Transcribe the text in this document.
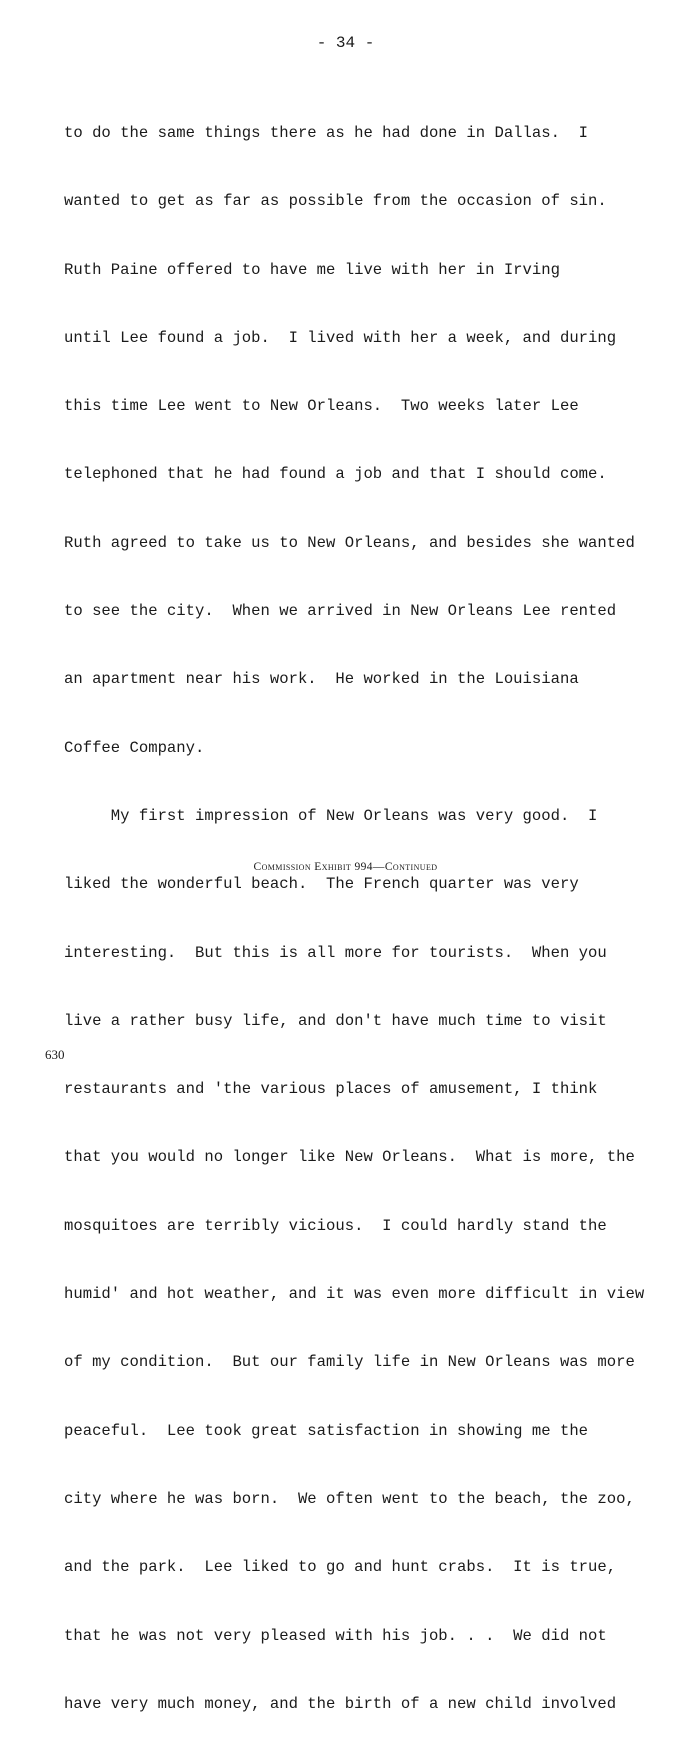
- 34 -

to do the same things there as he had done in Dallas.  I

wanted to get as far as possible from the occasion of sin.

Ruth Paine offered to have me live with her in Irving

until Lee found a job.  I lived with her a week, and during

this time Lee went to New Orleans.  Two weeks later Lee

telephoned that he had found a job and that I should come.

Ruth agreed to take us to New Orleans, and besides she wanted

to see the city.  When we arrived in New Orleans Lee rented

an apartment near his work.  He worked in the Louisiana

Coffee Company.

My first impression of New Orleans was very good.  I

liked the wonderful beach.  The French quarter was very

interesting.  But this is all more for tourists.  When you

live a rather busy life, and don't have much time to visit

restaurants and 'the various places of amusement, I think

that you would no longer like New Orleans.  What is more, the

mosquitoes are terribly vicious.  I could hardly stand the

humid' and hot weather, and it was even more difficult in view

of my condition.  But our family life in New Orleans was more

peaceful.  Lee took great satisfaction in showing me the

city where he was born.  We often went to the beach, the zoo,

and the park.  Lee liked to go and hunt crabs.  It is true,

that he was not very pleased with his job. . .  We did not

have very much money, and the birth of a new child involved

Commission Exhibit 994—Continued
630
